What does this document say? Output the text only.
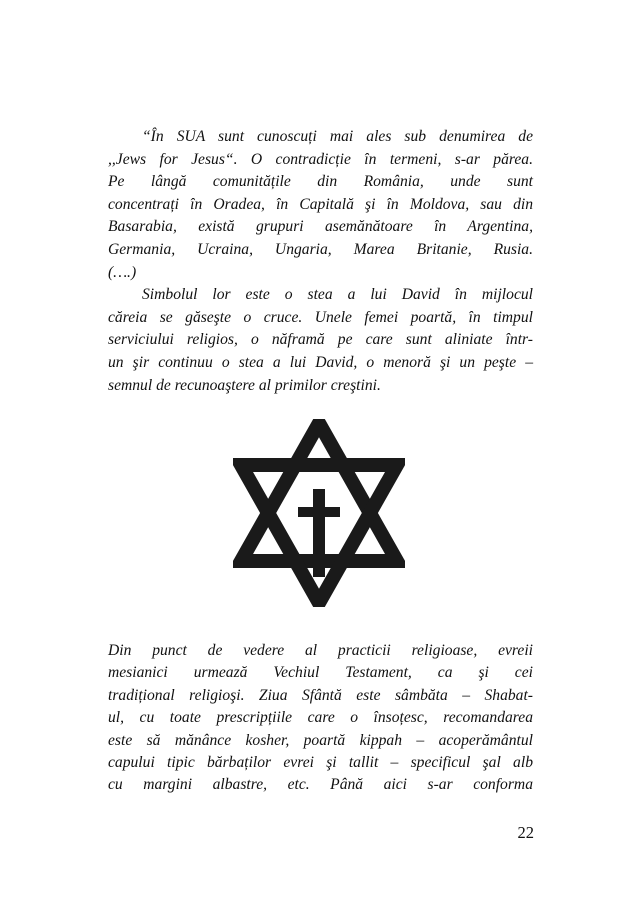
“În SUA sunt cunoscuți mai ales sub denumirea de
,,Jews for Jesus“. O contradicție în termeni, s-ar părea.
Pe lângă comunitățile din România, unde sunt
concentrați în Oradea, în Capitală şi în Moldova, sau din
Basarabia, există grupuri asemănătoare în Argentina,
Germania, Ucraina, Ungaria, Marea Britanie, Rusia.
(….)
Simbolul lor este o stea a lui David în mijlocul
căreia se găseşte o cruce. Unele femei poartă, în timpul
serviciului religios, o năframă pe care sunt aliniate într-
un şir continuu o stea a lui David, o menoră şi un peşte –
semnul de recunoaştere al primilor creştini.
Din punct de vedere al practicii religioase, evreii
mesianici urmează Vechiul Testament, ca şi cei
tradițional religioşi. Ziua Sfântă este sâmbăta – Shabat-
ul, cu toate prescripțiile care o însoțesc, recomandarea
este să mănânce kosher, poartă kippah – acoperământul
capului tipic bărbaților evrei şi tallit – specificul şal alb
cu margini albastre, etc. Până aici s-ar conforma
22
